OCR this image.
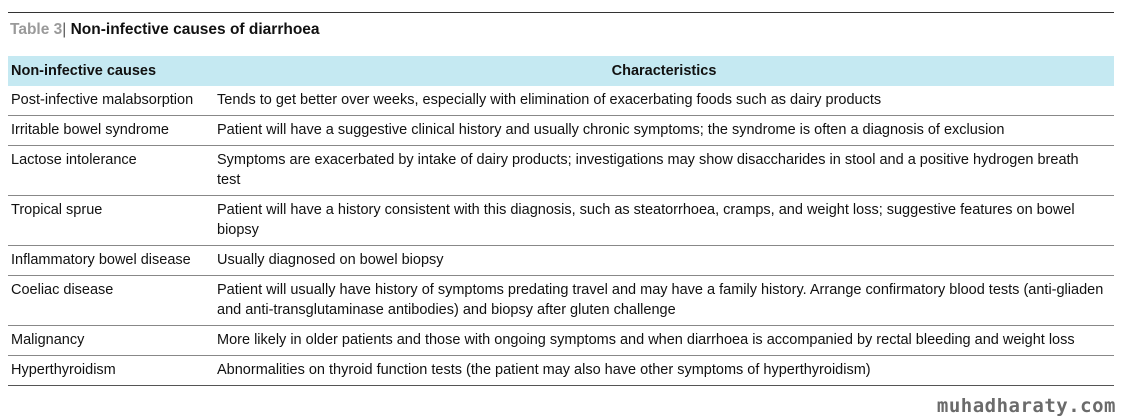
Table 3| Non-infective causes of diarrhoea
Non-infective causes	Characteristics
Post-infective malabsorption	Tends to get better over weeks, especially with elimination of exacerbating foods such as dairy products
Irritable bowel syndrome	Patient will have a suggestive clinical history and usually chronic symptoms; the syndrome is often a diagnosis of exclusion
Lactose intolerance	Symptoms are exacerbated by intake of dairy products; investigations may show disaccharides in stool and a positive hydrogen breath test
Tropical sprue	Patient will have a history consistent with this diagnosis, such as steatorrhoea, cramps, and weight loss; suggestive features on bowel biopsy
Inflammatory bowel disease	Usually diagnosed on bowel biopsy
Coeliac disease	Patient will usually have history of symptoms predating travel and may have a family history. Arrange confirmatory blood tests (anti-gliaden and anti-transglutaminase antibodies) and biopsy after gluten challenge
Malignancy	More likely in older patients and those with ongoing symptoms and when diarrhoea is accompanied by rectal bleeding and weight loss
Hyperthyroidism	Abnormalities on thyroid function tests (the patient may also have other symptoms of hyperthyroidism)
muhadharaty.com
